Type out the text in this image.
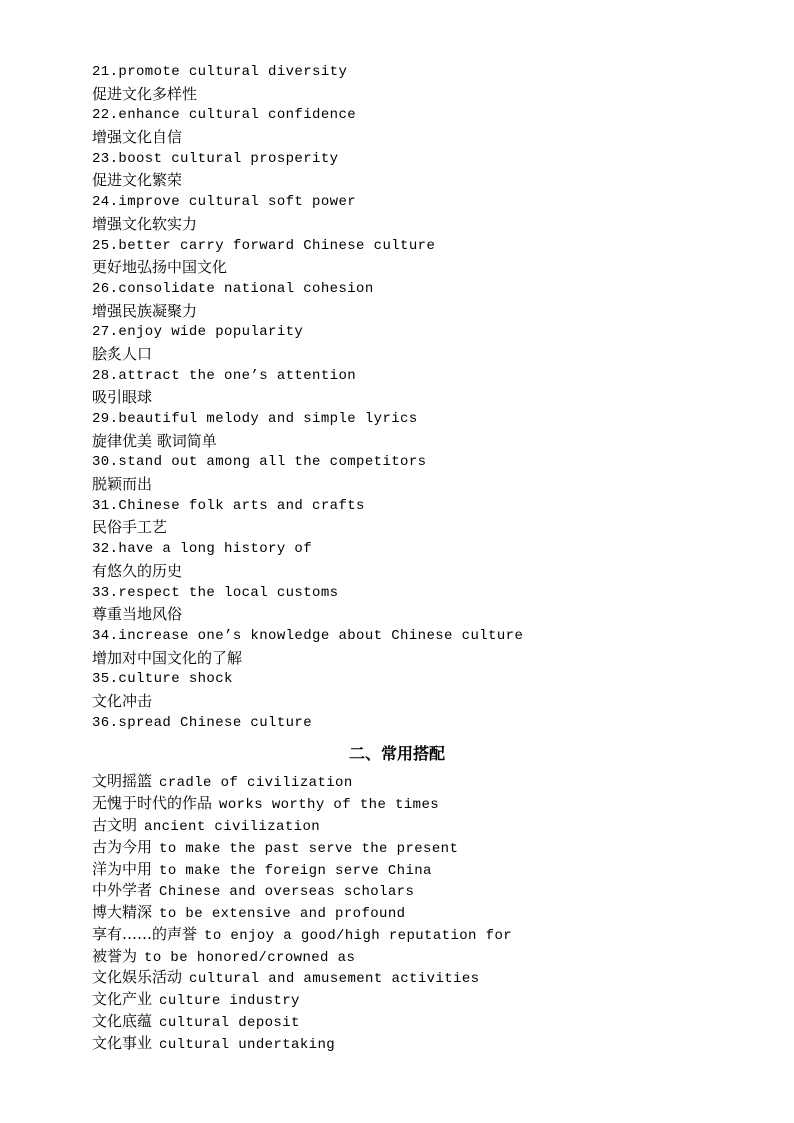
21.promote cultural diversity
促进文化多样性
22.enhance cultural confidence
增强文化自信
23.boost cultural prosperity
促进文化繁荣
24.improve cultural soft power
增强文化软实力
25.better carry forward Chinese culture
更好地弘扬中国文化
26.consolidate national cohesion
增强民族凝聚力
27.enjoy wide popularity
脍炙人口
28.attract the one’s attention
吸引眼球
29.beautiful melody and simple lyrics
旋律优美 歌词简单
30.stand out among all the competitors
脱颖而出
31.Chinese folk arts and crafts
民俗手工艺
32.have a long history of
有悠久的历史
33.respect the local customs
尊重当地风俗
34.increase one’s knowledge about Chinese culture
增加对中国文化的了解
35.culture shock
文化冲击
36.spread Chinese culture
二、常用搭配
文明摇篮 cradle of civilization
无愧于时代的作品 works worthy of the times
古文明 ancient civilization
古为今用 to make the past serve the present
洋为中用 to make the foreign serve China
中外学者 Chinese and overseas scholars
博大精深 to be extensive and profound
享有……的声誉 to enjoy a good/high reputation for
被誉为 to be honored/crowned as
文化娱乐活动 cultural and amusement activities
文化产业 culture industry
文化底蕴 cultural deposit
文化事业 cultural undertaking
